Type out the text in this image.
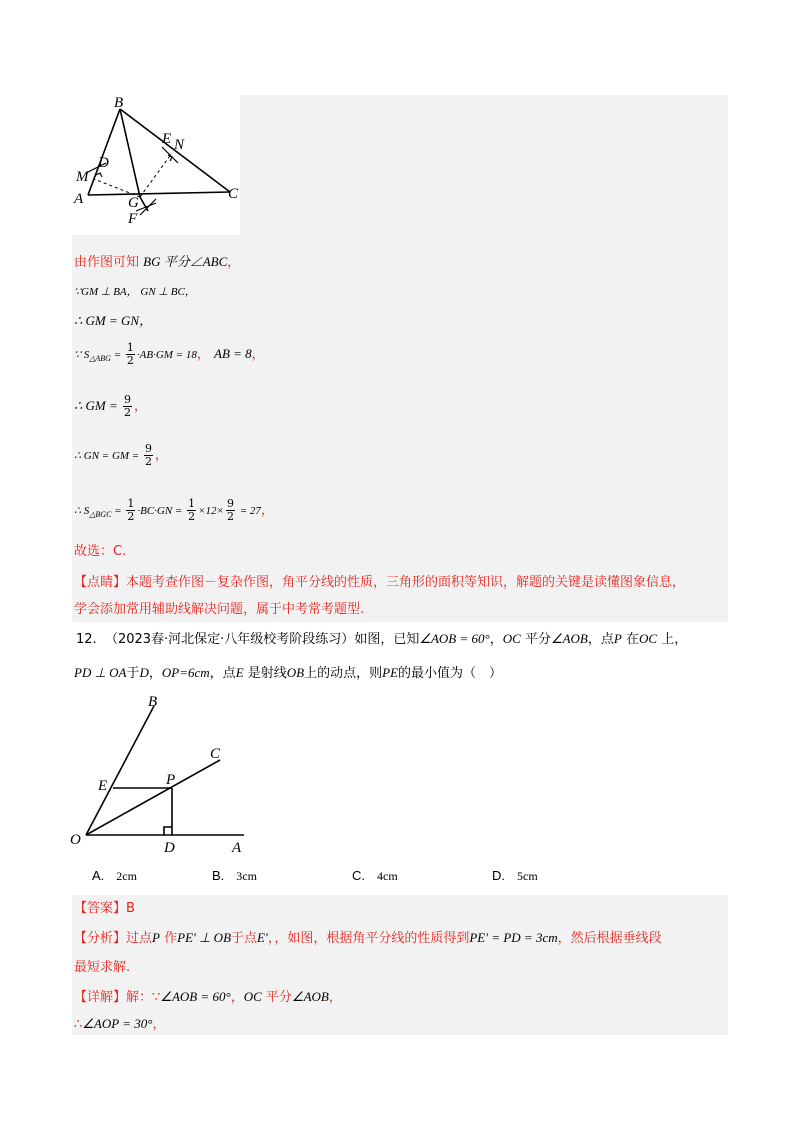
B
E N
D
M
A	G
F
C
由作图可知 BG 平分∠ABC，
∵GM ⊥ BA， GN ⊥ BC，
∴ GM = GN，
∵ $S_{\triangle ABG} = \frac{1}{2} \cdot AB\cdot GM = 18$， AB = 8，
∴ GM = $\frac{9}{2}$ ，
∴ GN = GM = $\frac{9}{2}$ ，
∴ $S_{\triangle BGC} = \frac{1}{2} \cdot BC\cdot GN = \frac{1}{2} \times 12\times \frac{9}{2} = 27$，
故选：C.
【点睛】本题考查作图－复杂作图，角平分线的性质，三角形的面积等知识，解题的关键是读懂图象信息，
学会添加常用辅助线解决问题，属于中考常考题型.
12. （2023春·河北保定·八年级校考阶段练习）如图，已知∠AOB = 60°，OC 平分∠AOB，点P 在OC 上，
PD ⊥ OA于D，OP=6cm，点E 是射线OB上的动点，则PE的最小值为（　）
B
C
E	P
O	D	A
A. 2cm	B. 3cm	C. 4cm	D. 5cm
【答案】B
【分析】过点P 作PE′ ⊥ OB于点E′，，如图，根据角平分线的性质得到PE′ = PD = 3cm，然后根据垂线段
最短求解.
【详解】解：∵∠AOB = 60°，OC 平分∠AOB，
∴∠AOP = 30°，
